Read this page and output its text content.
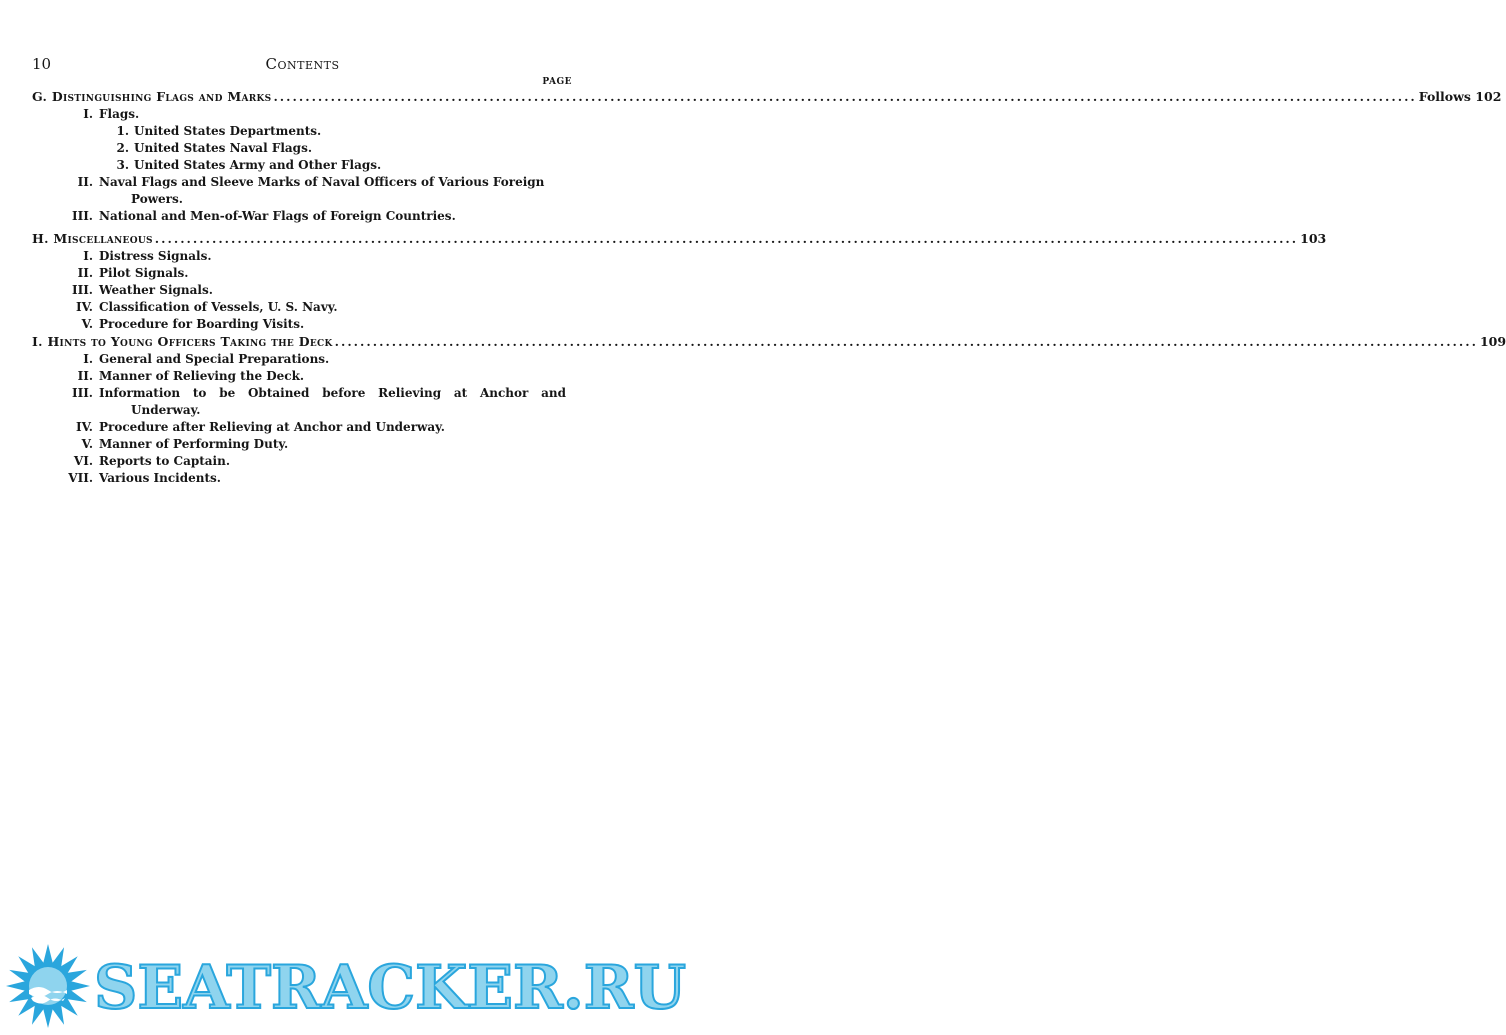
10	Contents
PAGE
G. Distinguishing Flags and Marks .....	Follows 102
I. Flags.
1. United States Departments.
2. United States Naval Flags.
3. United States Army and Other Flags.
II. Naval Flags and Sleeve Marks of Naval Officers of Various Foreign Powers.
III. National and Men-of-War Flags of Foreign Countries.
H. Miscellaneous .....	103
I. Distress Signals.
II. Pilot Signals.
III. Weather Signals.
IV. Classification of Vessels, U. S. Navy.
V. Procedure for Boarding Visits.
I. Hints to Young Officers Taking the Deck .....	109
I. General and Special Preparations.
II. Manner of Relieving the Deck.
III. Information to be Obtained before Relieving at Anchor and Underway.
IV. Procedure after Relieving at Anchor and Underway.
V. Manner of Performing Duty.
VI. Reports to Captain.
VII. Various Incidents.
SEATRACKER.RU
